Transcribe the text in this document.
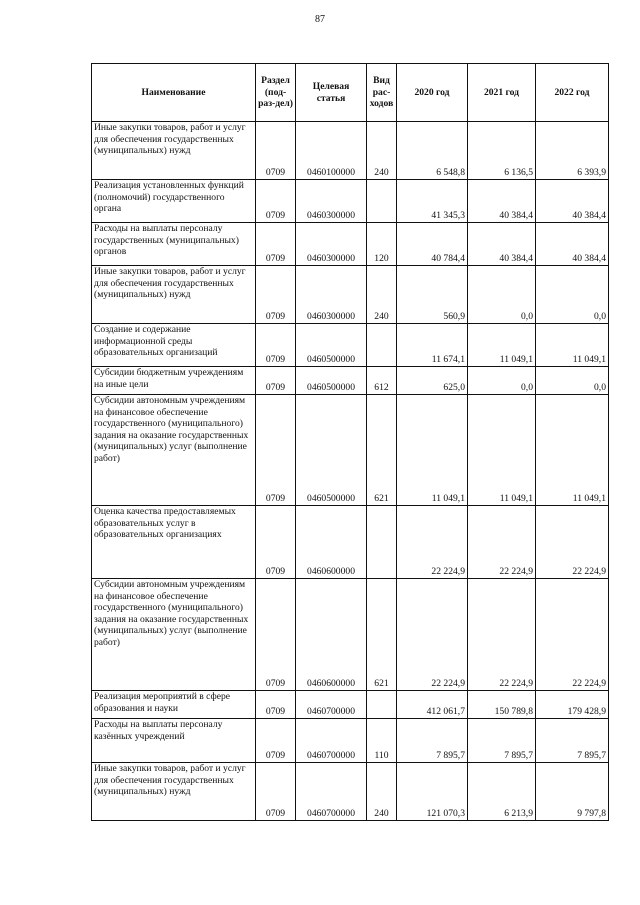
87
Наименование	Раздел (под-раз-дел)	Целевая статья	Вид рас-ходов	2020 год	2021 год	2022 год
Иные закупки товаров, работ и услуг для обеспечения государственных (муниципальных) нужд	0709	0460100000	240	6 548,8	6 136,5	6 393,9
Реализация установленных функций (полномочий) государственного органа	0709	0460300000		41 345,3	40 384,4	40 384,4
Расходы на выплаты персоналу государственных (муниципальных) органов	0709	0460300000	120	40 784,4	40 384,4	40 384,4
Иные закупки товаров, работ и услуг для обеспечения государственных (муниципальных) нужд	0709	0460300000	240	560,9	0,0	0,0
Создание и содержание информационной среды образовательных организаций	0709	0460500000		11 674,1	11 049,1	11 049,1
Субсидии бюджетным учреждениям на иные цели	0709	0460500000	612	625,0	0,0	0,0
Субсидии автономным учреждениям на финансовое обеспечение государственного (муниципального) задания на оказание государственных (муниципальных) услуг (выполнение работ)	0709	0460500000	621	11 049,1	11 049,1	11 049,1
Оценка качества предоставляемых образовательных услуг в образовательных организациях	0709	0460600000		22 224,9	22 224,9	22 224,9
Субсидии автономным учреждениям на финансовое обеспечение государственного (муниципального) задания на оказание государственных (муниципальных) услуг (выполнение работ)	0709	0460600000	621	22 224,9	22 224,9	22 224,9
Реализация мероприятий в сфере образования и науки	0709	0460700000		412 061,7	150 789,8	179 428,9
Расходы на выплаты персоналу казённых учреждений	0709	0460700000	110	7 895,7	7 895,7	7 895,7
Иные закупки товаров, работ и услуг для обеспечения государственных (муниципальных) нужд	0709	0460700000	240	121 070,3	6 213,9	9 797,8
